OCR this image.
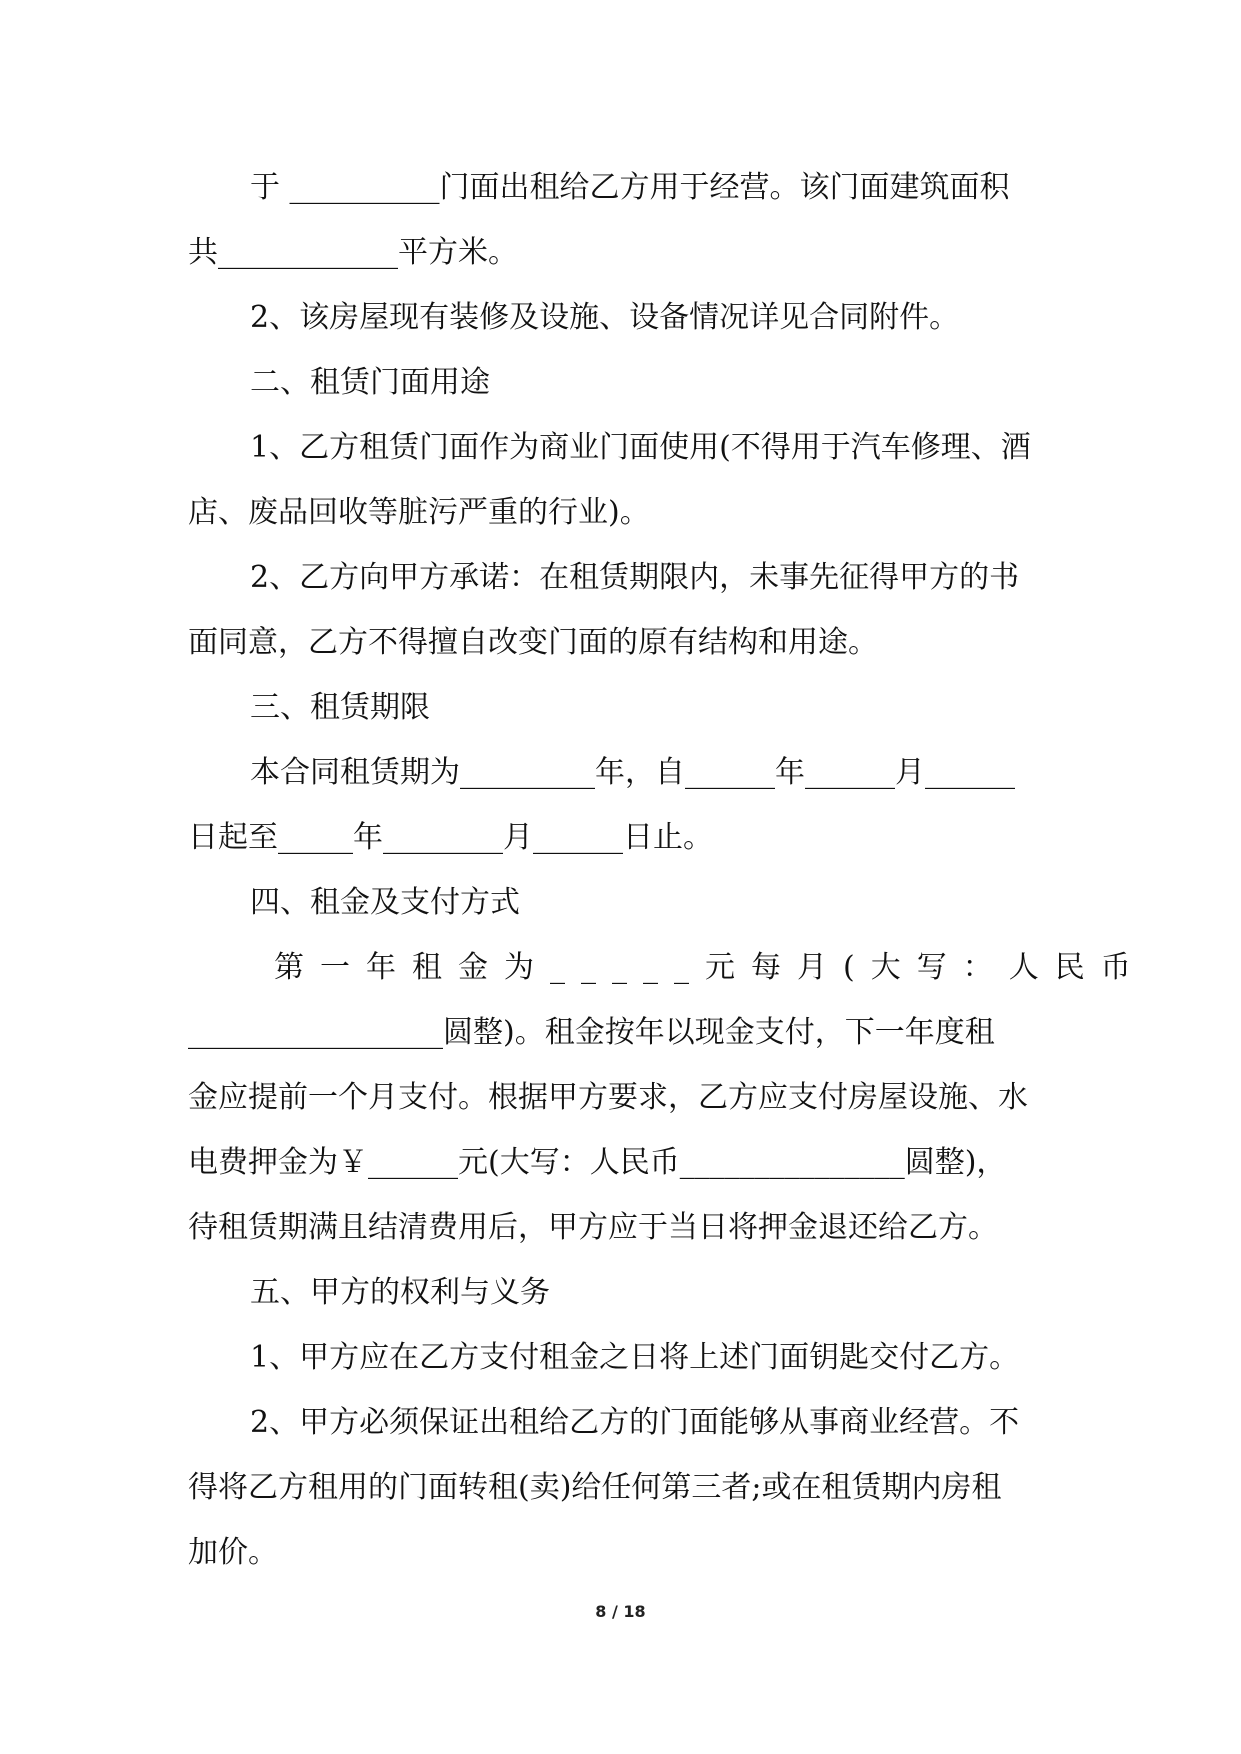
于 __________门面出租给乙方用于经营。该门面建筑面积
共____________平方米。
2、该房屋现有装修及设施、设备情况详见合同附件。
二、租赁门面用途
1、乙方租赁门面作为商业门面使用(不得用于汽车修理、酒
店、废品回收等脏污严重的行业)。
2、乙方向甲方承诺：在租赁期限内，未事先征得甲方的书
面同意，乙方不得擅自改变门面的原有结构和用途。
三、租赁期限
本合同租赁期为_________年，自______年______月______
日起至_____年________月______日止。
四、租金及支付方式
第一年租金为_____元每月(大写：人民币
_________________圆整)。租金按年以现金支付，下一年度租
金应提前一个月支付。根据甲方要求，乙方应支付房屋设施、水
电费押金为￥______元(大写：人民币_______________圆整)，
待租赁期满且结清费用后，甲方应于当日将押金退还给乙方。
五、甲方的权利与义务
1、甲方应在乙方支付租金之日将上述门面钥匙交付乙方。
2、甲方必须保证出租给乙方的门面能够从事商业经营。不
得将乙方租用的门面转租(卖)给任何第三者;或在租赁期内房租
加价。
8 / 18
